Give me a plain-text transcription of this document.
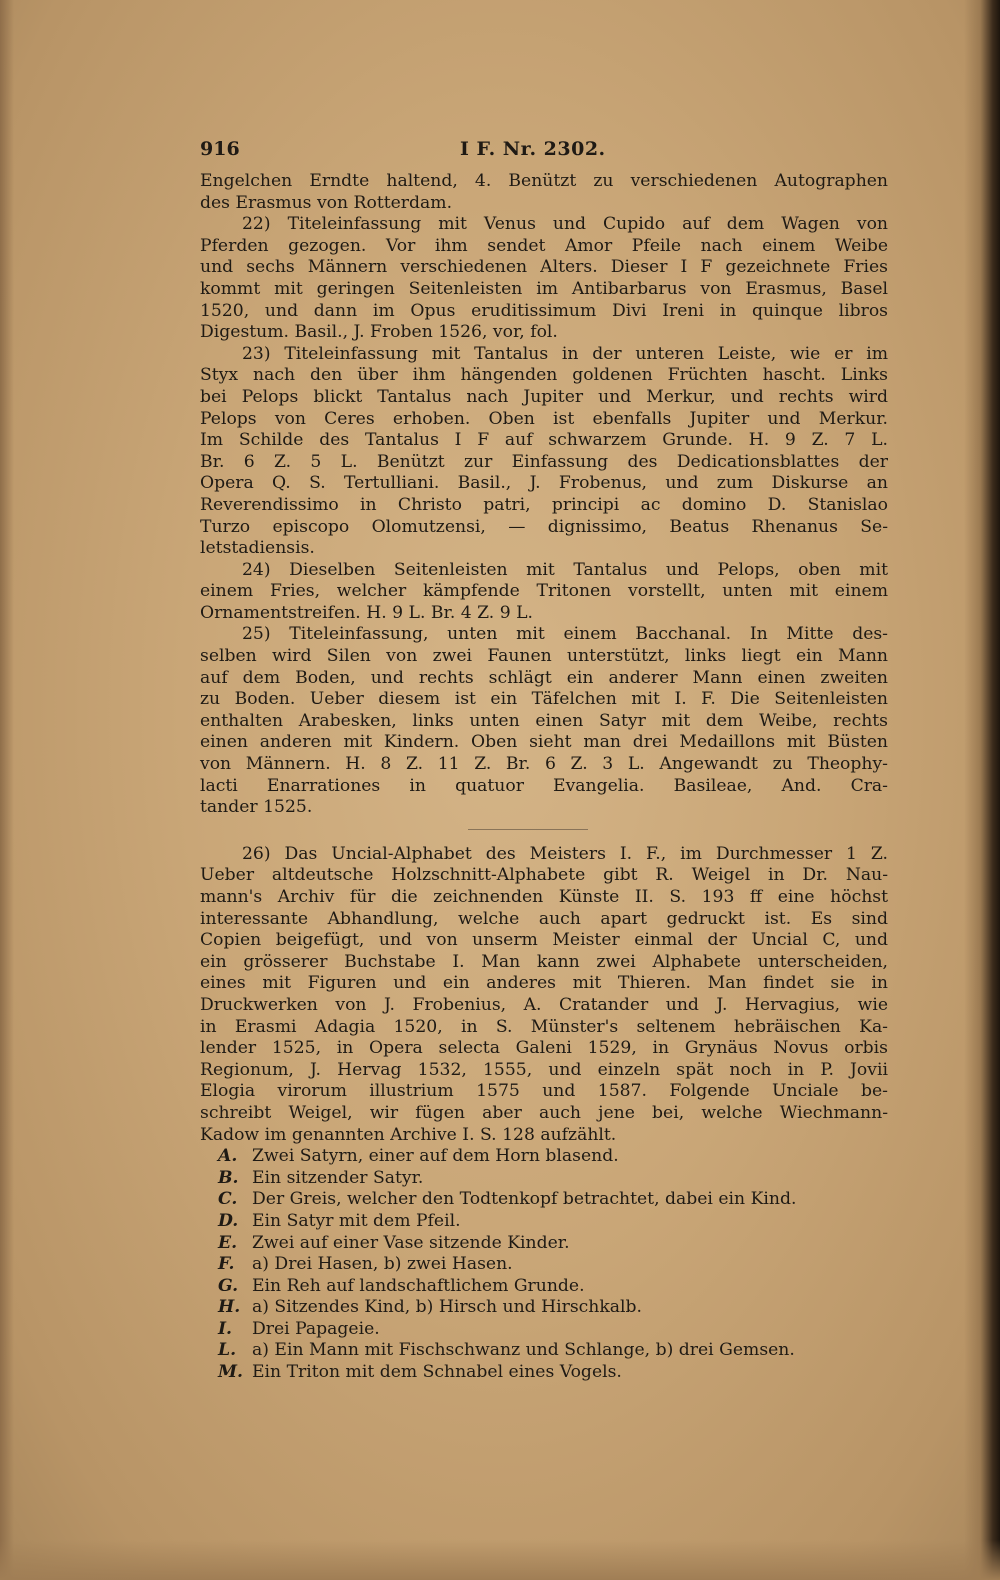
916	I F. Nr. 2302.
Engelchen Erndte haltend, 4. Benützt zu verschiedenen Autographen
des Erasmus von Rotterdam.
22) Titeleinfassung mit Venus und Cupido auf dem Wagen von
Pferden gezogen. Vor ihm sendet Amor Pfeile nach einem Weibe
und sechs Männern verschiedenen Alters. Dieser I F gezeichnete Fries
kommt mit geringen Seitenleisten im Antibarbarus von Erasmus, Basel
1520, und dann im Opus eruditissimum Divi Ireni in quinque libros
Digestum. Basil., J. Froben 1526, vor, fol.
23) Titeleinfassung mit Tantalus in der unteren Leiste, wie er im
Styx nach den über ihm hängenden goldenen Früchten hascht. Links
bei Pelops blickt Tantalus nach Jupiter und Merkur, und rechts wird
Pelops von Ceres erhoben. Oben ist ebenfalls Jupiter und Merkur.
Im Schilde des Tantalus I F auf schwarzem Grunde. H. 9 Z. 7 L.
Br. 6 Z. 5 L. Benützt zur Einfassung des Dedicationsblattes der
Opera Q. S. Tertulliani. Basil., J. Frobenus, und zum Diskurse an
Reverendissimo in Christo patri, principi ac domino D. Stanislao
Turzo episcopo Olomutzensi, — dignissimo, Beatus Rhenanus Se-
letstadiensis.
24) Dieselben Seitenleisten mit Tantalus und Pelops, oben mit
einem Fries, welcher kämpfende Tritonen vorstellt, unten mit einem
Ornamentstreifen. H. 9 L. Br. 4 Z. 9 L.
25) Titeleinfassung, unten mit einem Bacchanal. In Mitte des-
selben wird Silen von zwei Faunen unterstützt, links liegt ein Mann
auf dem Boden, und rechts schlägt ein anderer Mann einen zweiten
zu Boden. Ueber diesem ist ein Täfelchen mit I. F. Die Seitenleisten
enthalten Arabesken, links unten einen Satyr mit dem Weibe, rechts
einen anderen mit Kindern. Oben sieht man drei Medaillons mit Büsten
von Männern. H. 8 Z. 11 Z. Br. 6 Z. 3 L. Angewandt zu Theophy-
lacti Enarrationes in quatuor Evangelia. Basileae, And. Cra-
tander 1525.
26) Das Uncial-Alphabet des Meisters I. F., im Durchmesser 1 Z.
Ueber altdeutsche Holzschnitt-Alphabete gibt R. Weigel in Dr. Nau-
mann's Archiv für die zeichnenden Künste II. S. 193 ff eine höchst
interessante Abhandlung, welche auch apart gedruckt ist. Es sind
Copien beigefügt, und von unserm Meister einmal der Uncial C, und
ein grösserer Buchstabe I. Man kann zwei Alphabete unterscheiden,
eines mit Figuren und ein anderes mit Thieren. Man findet sie in
Druckwerken von J. Frobenius, A. Cratander und J. Hervagius, wie
in Erasmi Adagia 1520, in S. Münster's seltenem hebräischen Ka-
lender 1525, in Opera selecta Galeni 1529, in Grynäus Novus orbis
Regionum, J. Hervag 1532, 1555, und einzeln spät noch in P. Jovii
Elogia virorum illustrium 1575 und 1587. Folgende Unciale be-
schreibt Weigel, wir fügen aber auch jene bei, welche Wiechmann-
Kadow im genannten Archive I. S. 128 aufzählt.
A. Zwei Satyrn, einer auf dem Horn blasend.
B. Ein sitzender Satyr.
C. Der Greis, welcher den Todtenkopf betrachtet, dabei ein Kind.
D. Ein Satyr mit dem Pfeil.
E. Zwei auf einer Vase sitzende Kinder.
F. a) Drei Hasen, b) zwei Hasen.
G. Ein Reh auf landschaftlichem Grunde.
H. a) Sitzendes Kind, b) Hirsch und Hirschkalb.
I. Drei Papageie.
L. a) Ein Mann mit Fischschwanz und Schlange, b) drei Gemsen.
M. Ein Triton mit dem Schnabel eines Vogels.
